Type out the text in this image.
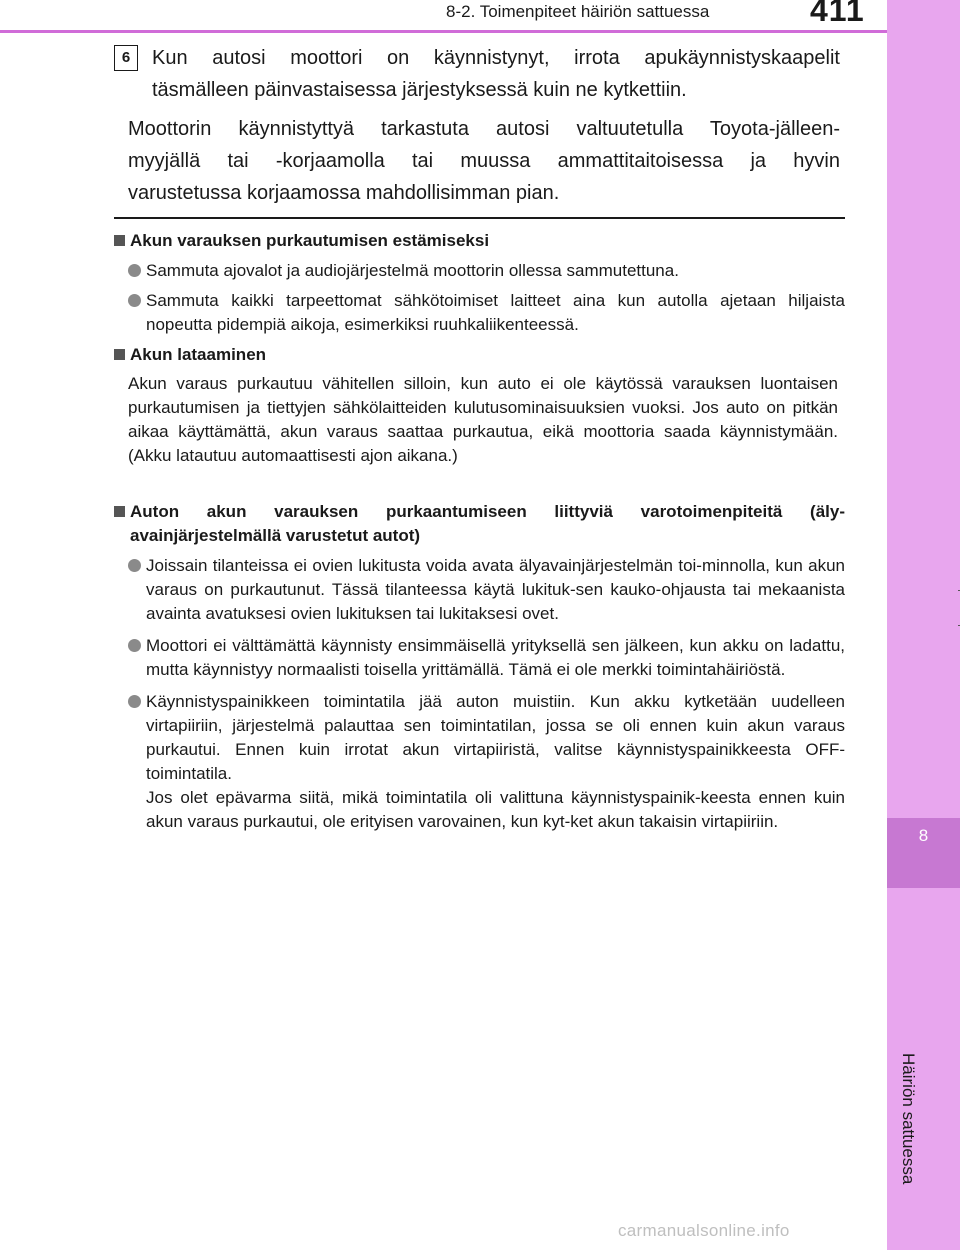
8
Häiriön sattuessa
8-2. Toimenpiteet häiriön sattuessa	411
6	Kun autosi moottori on käynnistynyt, irrota apukäynnistyskaapelit
täsmälleen päinvastaisessa järjestyksessä kuin ne kytkettiin.
Moottorin käynnistyttyä tarkastuta autosi valtuutetulla Toyota-jälleen-
myyjällä tai -korjaamolla tai muussa ammattitaitoisessa ja hyvin
varustetussa korjaamossa mahdollisimman pian.
Akun varauksen purkautumisen estämiseksi
Sammuta ajovalot ja audiojärjestelmä moottorin ollessa sammutettuna.
Sammuta kaikki tarpeettomat sähkötoimiset laitteet aina kun autolla ajetaan hiljaista nopeutta pidempiä aikoja, esimerkiksi ruuhkaliikenteessä.
Akun lataaminen
Akun varaus purkautuu vähitellen silloin, kun auto ei ole käytössä varauksen luontaisen purkautumisen ja tiettyjen sähkölaitteiden kulutusominaisuuksien vuoksi. Jos auto on pitkän aikaa käyttämättä, akun varaus saattaa purkautua, eikä moottoria saada käynnistymään. (Akku latautuu automaattisesti ajon aikana.)
Auton akun varauksen purkaantumiseen liittyviä varotoimenpiteitä (äly-avainjärjestelmällä varustetut autot)
Joissain tilanteissa ei ovien lukitusta voida avata älyavainjärjestelmän toi-minnolla, kun akun varaus on purkautunut. Tässä tilanteessa käytä lukituk-sen kauko-ohjausta tai mekaanista avainta avatuksesi ovien lukituksen tai lukitaksesi ovet.
Moottori ei välttämättä käynnisty ensimmäisellä yrityksellä sen jälkeen, kun akku on ladattu, mutta käynnistyy normaalisti toisella yrittämällä. Tämä ei ole merkki toimintahäiriöstä.
Käynnistyspainikkeen toimintatila jää auton muistiin. Kun akku kytketään uudelleen virtapiiriin, järjestelmä palauttaa sen toimintatilan, jossa se oli ennen kuin akun varaus purkautui. Ennen kuin irrotat akun virtapiiristä, valitse käynnistyspainikkeesta OFF-toimintatila.
Jos olet epävarma siitä, mikä toimintatila oli valittuna käynnistyspainik-keesta ennen kuin akun varaus purkautui, ole erityisen varovainen, kun kyt-ket akun takaisin virtapiiriin.
carmanualsonline.info
